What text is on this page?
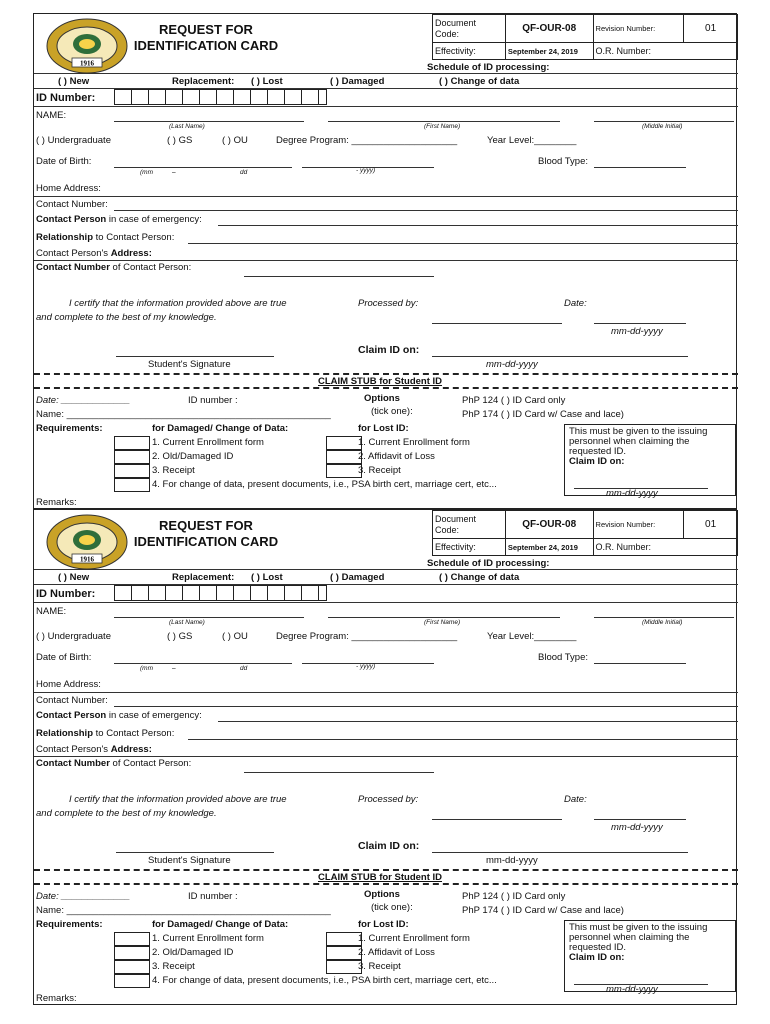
1916
REQUEST FOR
IDENTIFICATION CARD
Document
Code:	QF-OUR-08	Revision Number:	01
Effectivity:	September 24, 2019	O.R. Number:	
Schedule of ID processing:
( ) New	Replacement: ( ) Lost	( ) Damaged	( ) Change of data
ID Number:
NAME:
(Last Name)	(First Name)	(Middle Initial)
( ) Undergraduate	( ) GS	( ) OU	Degree Program: ____________________	Year Level:________
Date of Birth:
(mm	–	dd	- yyyy)
Blood Type:
Home Address:
Contact Number:
Contact Person in case of emergency:
Relationship to Contact Person:
Contact Person's Address:
Contact Number of Contact Person:
I certify that the information provided above are true
and complete to the best of my knowledge.
Processed by:	Date:
mm-dd-yyyy
Claim ID on:
Student's Signature	mm-dd-yyyy
CLAIM STUB for Student ID
Date: _____________	ID number :	Options
(tick one):
PhP 124 ( ) ID Card only
PhP 174 ( ) ID Card w/ Case and lace)
Name: __________________________________________________
Requirements:	for Damaged/ Change of Data:	for Lost ID:
1. Current Enrollment form
2. Old/Damaged ID
3. Receipt
4. For change of data, present documents, i.e., PSA birth cert, marriage cert, etc...
1. Current Enrollment form
2. Affidavit of Loss
3. Receipt
This must be given to the issuing
personnel when claiming the
requested ID.
Claim ID on:
mm-dd-yyyy
Remarks:
1916
REQUEST FOR
IDENTIFICATION CARD
Document
Code:	QF-OUR-08	Revision Number:	01
Effectivity:	September 24, 2019	O.R. Number:	
Schedule of ID processing:
( ) New	Replacement: ( ) Lost	( ) Damaged	( ) Change of data
ID Number:
NAME:
(Last Name)	(First Name)	(Middle Initial)
( ) Undergraduate	( ) GS	( ) OU	Degree Program: ____________________	Year Level:________
Date of Birth:
(mm	–	dd	- yyyy)
Blood Type:
Home Address:
Contact Number:
Contact Person in case of emergency:
Relationship to Contact Person:
Contact Person's Address:
Contact Number of Contact Person:
I certify that the information provided above are true
and complete to the best of my knowledge.
Processed by:	Date:
mm-dd-yyyy
Claim ID on:
Student's Signature	mm-dd-yyyy
CLAIM STUB for Student ID
Date: _____________	ID number :	Options
(tick one):
PhP 124 ( ) ID Card only
PhP 174 ( ) ID Card w/ Case and lace)
Name: __________________________________________________
Requirements:	for Damaged/ Change of Data:	for Lost ID:
1. Current Enrollment form
2. Old/Damaged ID
3. Receipt
4. For change of data, present documents, i.e., PSA birth cert, marriage cert, etc...
1. Current Enrollment form
2. Affidavit of Loss
3. Receipt
This must be given to the issuing
personnel when claiming the
requested ID.
Claim ID on:
mm-dd-yyyy
Remarks:
